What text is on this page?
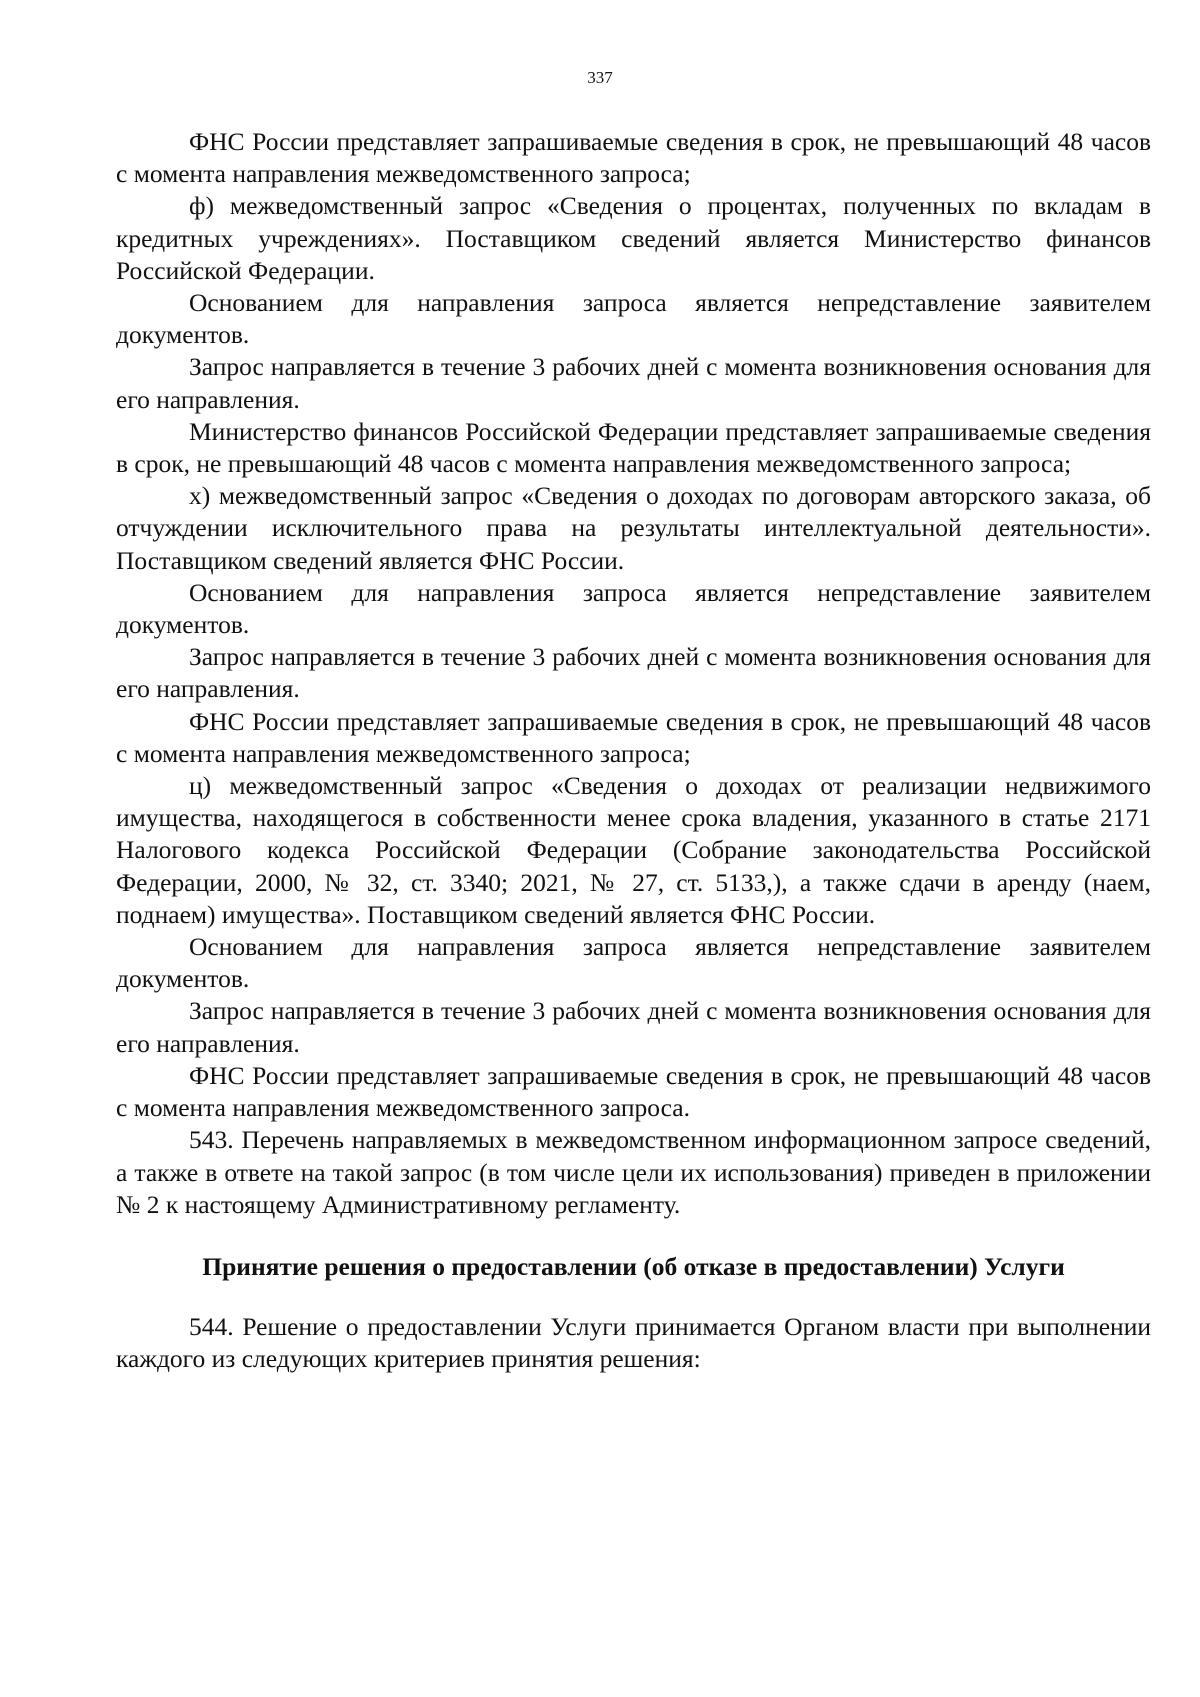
337

ФНС России представляет запрашиваемые сведения в срок, не превышающий 48 часов с момента направления межведомственного запроса;

ф) межведомственный запрос «Сведения о процентах, полученных по вкладам в кредитных учреждениях». Поставщиком сведений является Министерство финансов Российской Федерации.

Основанием для направления запроса является непредставление заявителем документов.

Запрос направляется в течение 3 рабочих дней с момента возникновения основания для его направления.

Министерство финансов Российской Федерации представляет запрашиваемые сведения в срок, не превышающий 48 часов с момента направления межведомственного запроса;

х) межведомственный запрос «Сведения о доходах по договорам авторского заказа, об отчуждении исключительного права на результаты интеллектуальной деятельности». Поставщиком сведений является ФНС России.

Основанием для направления запроса является непредставление заявителем документов.

Запрос направляется в течение 3 рабочих дней с момента возникновения основания для его направления.

ФНС России представляет запрашиваемые сведения в срок, не превышающий 48 часов с момента направления межведомственного запроса;

ц) межведомственный запрос «Сведения о доходах от реализации недвижимого имущества, находящегося в собственности менее срока владения, указанного в статье 2171 Налогового кодекса Российской Федерации (Собрание законодательства Российской Федерации, 2000, № 32, ст. 3340; 2021, № 27, ст. 5133,), а также сдачи в аренду (наем, поднаем) имущества». Поставщиком сведений является ФНС России.

Основанием для направления запроса является непредставление заявителем документов.

Запрос направляется в течение 3 рабочих дней с момента возникновения основания для его направления.

ФНС России представляет запрашиваемые сведения в срок, не превышающий 48 часов с момента направления межведомственного запроса.

543. Перечень направляемых в межведомственном информационном запросе сведений, а также в ответе на такой запрос (в том числе цели их использования) приведен в приложении № 2 к настоящему Административному регламенту.

Принятие решения о предоставлении (об отказе в предоставлении) Услуги

544. Решение о предоставлении Услуги принимается Органом власти при выполнении каждого из следующих критериев принятия решения:
